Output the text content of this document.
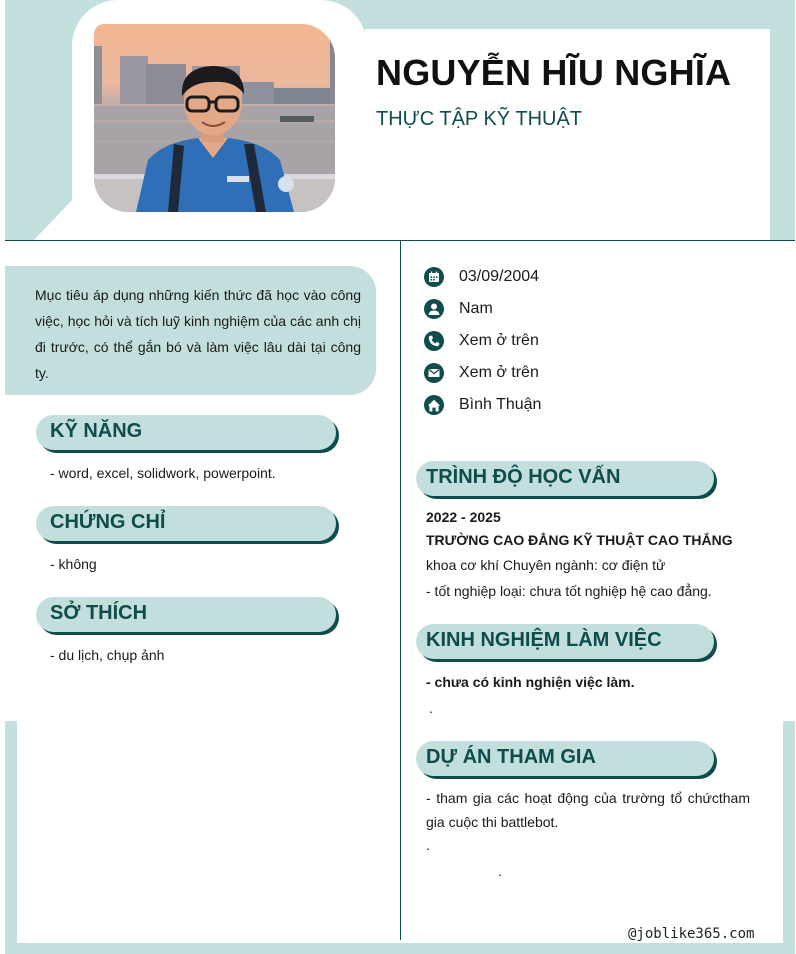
NGUYỄN HĨU NGHĨA
THỰC TẬP KỸ THUẬT
Mục tiêu áp dụng những kiến thức đã học vào công việc, học hỏi và tích luỹ kinh nghiệm của các anh chị đi trước, có thể gắn bó và làm việc lâu dài tại công ty.
KỸ NĂNG
- word, excel, solidwork, powerpoint.
CHỨNG CHỈ
- không
SỞ THÍCH
- du lịch, chụp ảnh
03/09/2004
Nam
Xem ở trên
Xem ở trên
Bình Thuận
TRÌNH ĐỘ HỌC VẤN
2022 - 2025
TRƯỜNG CAO ĐẲNG KỸ THUẬT CAO THẮNG
khoa cơ khí Chuyên ngành: cơ điện tử
- tốt nghiệp loại: chưa tốt nghiệp hệ cao đẳng.
KINH NGHIỆM LÀM VIỆC
- chưa có kinh nghiện việc làm.
.
DỰ ÁN THAM GIA
- tham gia các hoạt động của trường tổ chứctham gia cuộc thi battlebot.
.
.
@joblike365.com
